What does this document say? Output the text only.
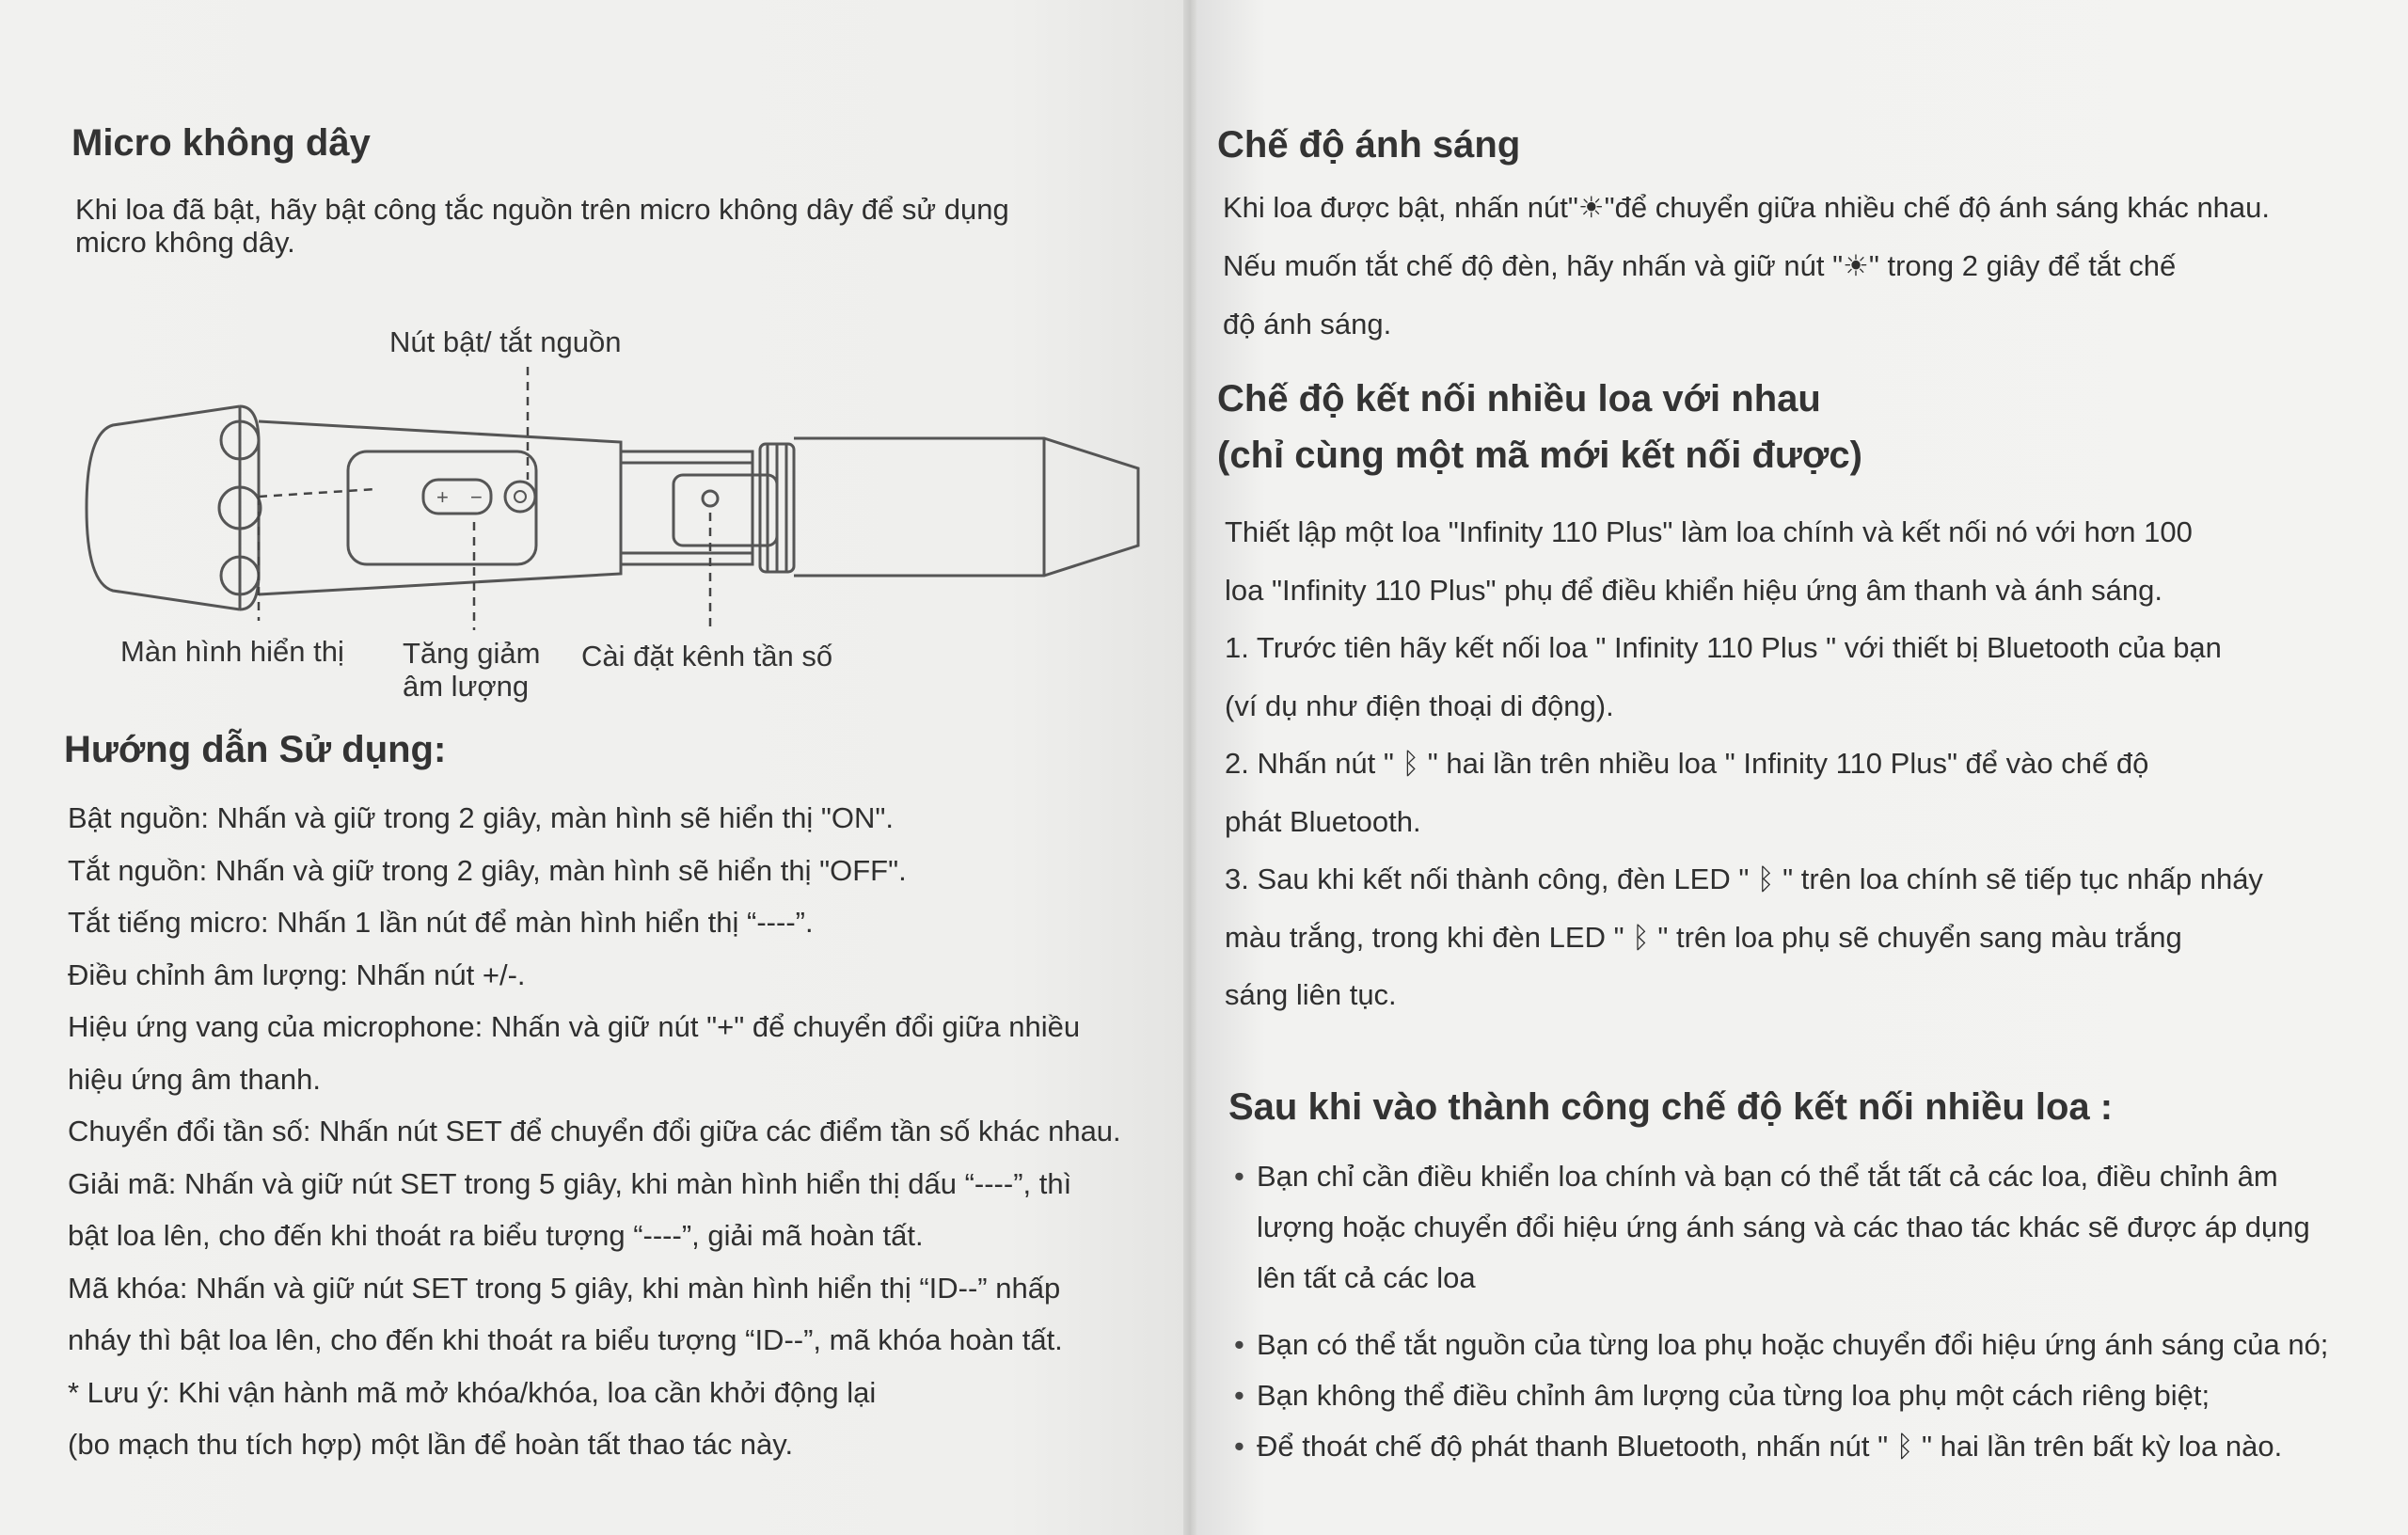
Micro không dây
Khi loa đã bật, hãy bật công tắc nguồn trên micro không dây để sử dụng
micro không dây.
Nút bật/ tắt nguồn
+ −
Màn hình hiển thị Tăng giảm
âm lượng
Cài đặt kênh tần số
Hướng dẫn Sử dụng:
Bật nguồn: Nhấn và giữ trong 2 giây, màn hình sẽ hiển thị "ON".
Tắt nguồn: Nhấn và giữ trong 2 giây, màn hình sẽ hiển thị "OFF".
Tắt tiếng micro: Nhấn 1 lần nút để màn hình hiển thị “----”.
Điều chỉnh âm lượng: Nhấn nút +/-.
Hiệu ứng vang của microphone: Nhấn và giữ nút "+" để chuyển đổi giữa nhiều
hiệu ứng âm thanh.
Chuyển đổi tần số: Nhấn nút SET để chuyển đổi giữa các điểm tần số khác nhau.
Giải mã: Nhấn và giữ nút SET trong 5 giây, khi màn hình hiển thị dấu “----”, thì
bật loa lên, cho đến khi thoát ra biểu tượng “----”, giải mã hoàn tất.
Mã khóa: Nhấn và giữ nút SET trong 5 giây, khi màn hình hiển thị “ID--” nhấp
nháy thì bật loa lên, cho đến khi thoát ra biểu tượng “ID--”, mã khóa hoàn tất.
* Lưu ý: Khi vận hành mã mở khóa/khóa, loa cần khởi động lại
(bo mạch thu tích hợp) một lần để hoàn tất thao tác này.
Chế độ ánh sáng
Khi loa được bật, nhấn nút"☀"để chuyển giữa nhiều chế độ ánh sáng khác nhau.
Nếu muốn tắt chế độ đèn, hãy nhấn và giữ nút "☀" trong 2 giây để tắt chế
độ ánh sáng.
Chế độ kết nối nhiều loa với nhau
(chỉ cùng một mã mới kết nối được)
Thiết lập một loa "Infinity 110 Plus" làm loa chính và kết nối nó với hơn 100
loa "Infinity 110 Plus" phụ để điều khiển hiệu ứng âm thanh và ánh sáng.
1. Trước tiên hãy kết nối loa " Infinity 110 Plus " với thiết bị Bluetooth của bạn
(ví dụ như điện thoại di động).
2. Nhấn nút " ᛒ " hai lần trên nhiều loa " Infinity 110 Plus" để vào chế độ
phát Bluetooth.
3. Sau khi kết nối thành công, đèn LED " ᛒ " trên loa chính sẽ tiếp tục nhấp nháy
màu trắng, trong khi đèn LED " ᛒ " trên loa phụ sẽ chuyển sang màu trắng
sáng liên tục.
Sau khi vào thành công chế độ kết nối nhiều loa :
• Bạn chỉ cần điều khiển loa chính và bạn có thể tắt tất cả các loa, điều chỉnh âm
lượng hoặc chuyển đổi hiệu ứng ánh sáng và các thao tác khác sẽ được áp dụng
lên tất cả các loa
• Bạn có thể tắt nguồn của từng loa phụ hoặc chuyển đổi hiệu ứng ánh sáng của nó;
• Bạn không thể điều chỉnh âm lượng của từng loa phụ một cách riêng biệt;
• Để thoát chế độ phát thanh Bluetooth, nhấn nút " ᛒ " hai lần trên bất kỳ loa nào.
